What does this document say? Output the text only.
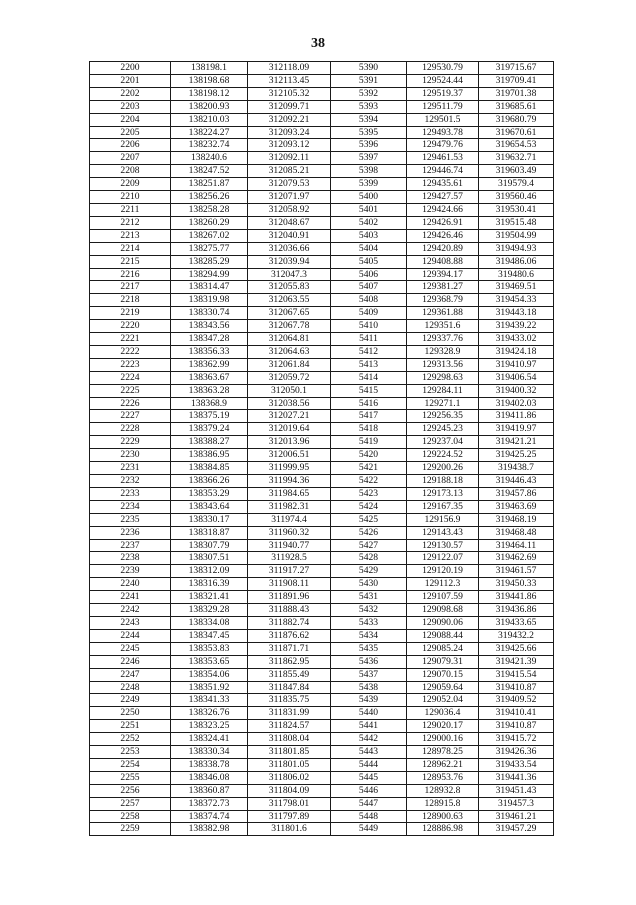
38
2200	138198.1	312118.09	5390	129530.79	319715.67
2201	138198.68	312113.45	5391	129524.44	319709.41
2202	138198.12	312105.32	5392	129519.37	319701.38
2203	138200.93	312099.71	5393	129511.79	319685.61
2204	138210.03	312092.21	5394	129501.5	319680.79
2205	138224.27	312093.24	5395	129493.78	319670.61
2206	138232.74	312093.12	5396	129479.76	319654.53
2207	138240.6	312092.11	5397	129461.53	319632.71
2208	138247.52	312085.21	5398	129446.74	319603.49
2209	138251.87	312079.53	5399	129435.61	319579.4
2210	138256.26	312071.97	5400	129427.57	319560.46
2211	138258.28	312058.92	5401	129424.66	319530.41
2212	138260.29	312048.67	5402	129426.91	319515.48
2213	138267.02	312040.91	5403	129426.46	319504.99
2214	138275.77	312036.66	5404	129420.89	319494.93
2215	138285.29	312039.94	5405	129408.88	319486.06
2216	138294.99	312047.3	5406	129394.17	319480.6
2217	138314.47	312055.83	5407	129381.27	319469.51
2218	138319.98	312063.55	5408	129368.79	319454.33
2219	138330.74	312067.65	5409	129361.88	319443.18
2220	138343.56	312067.78	5410	129351.6	319439.22
2221	138347.28	312064.81	5411	129337.76	319433.02
2222	138356.33	312064.63	5412	129328.9	319424.18
2223	138362.99	312061.84	5413	129313.56	319410.97
2224	138363.67	312059.72	5414	129298.63	319406.54
2225	138363.28	312050.1	5415	129284.11	319400.32
2226	138368.9	312038.56	5416	129271.1	319402.03
2227	138375.19	312027.21	5417	129256.35	319411.86
2228	138379.24	312019.64	5418	129245.23	319419.97
2229	138388.27	312013.96	5419	129237.04	319421.21
2230	138386.95	312006.51	5420	129224.52	319425.25
2231	138384.85	311999.95	5421	129200.26	319438.7
2232	138366.26	311994.36	5422	129188.18	319446.43
2233	138353.29	311984.65	5423	129173.13	319457.86
2234	138343.64	311982.31	5424	129167.35	319463.69
2235	138330.17	311974.4	5425	129156.9	319468.19
2236	138318.87	311960.32	5426	129143.43	319468.48
2237	138307.79	311940.77	5427	129130.57	319464.11
2238	138307.51	311928.5	5428	129122.07	319462.69
2239	138312.09	311917.27	5429	129120.19	319461.57
2240	138316.39	311908.11	5430	129112.3	319450.33
2241	138321.41	311891.96	5431	129107.59	319441.86
2242	138329.28	311888.43	5432	129098.68	319436.86
2243	138334.08	311882.74	5433	129090.06	319433.65
2244	138347.45	311876.62	5434	129088.44	319432.2
2245	138353.83	311871.71	5435	129085.24	319425.66
2246	138353.65	311862.95	5436	129079.31	319421.39
2247	138354.06	311855.49	5437	129070.15	319415.54
2248	138351.92	311847.84	5438	129059.64	319410.87
2249	138341.33	311835.75	5439	129052.04	319409.52
2250	138326.76	311831.99	5440	129036.4	319410.41
2251	138323.25	311824.57	5441	129020.17	319410.87
2252	138324.41	311808.04	5442	129000.16	319415.72
2253	138330.34	311801.85	5443	128978.25	319426.36
2254	138338.78	311801.05	5444	128962.21	319433.54
2255	138346.08	311806.02	5445	128953.76	319441.36
2256	138360.87	311804.09	5446	128932.8	319451.43
2257	138372.73	311798.01	5447	128915.8	319457.3
2258	138374.74	311797.89	5448	128900.63	319461.21
2259	138382.98	311801.6	5449	128886.98	319457.29
